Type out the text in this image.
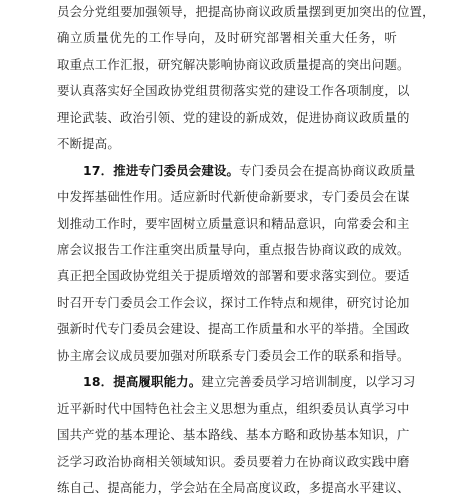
员会分党组要加强领导，把提高协商议政质量摆到更加突出的位置，
确立质量优先的工作导向，及时研究部署相关重大任务，听
取重点工作汇报，研究解决影响协商议政质量提高的突出问题。
要认真落实好全国政协党组贯彻落实党的建设工作各项制度，以
理论武装、政治引领、党的建设的新成效，促进协商议政质量的
不断提高。
17．推进专门委员会建设。专门委员会在提高协商议政质量
中发挥基础性作用。适应新时代新使命新要求，专门委员会在谋
划推动工作时，要牢固树立质量意识和精品意识，向常委会和主
席会议报告工作注重突出质量导向，重点报告协商议政的成效。
真正把全国政协党组关于提质增效的部署和要求落实到位。要适
时召开专门委员会工作会议，探讨工作特点和规律，研究讨论加
强新时代专门委员会建设、提高工作质量和水平的举措。全国政
协主席会议成员要加强对所联系专门委员会工作的联系和指导。
18．提高履职能力。建立完善委员学习培训制度，以学习习
近平新时代中国特色社会主义思想为重点，组织委员认真学习中
国共产党的基本理论、基本路线、基本方略和政协基本知识，广
泛学习政治协商相关领域知识。委员要着力在协商议政实践中磨
练自己、提高能力，学会站在全局高度议政，多提高水平建议、
